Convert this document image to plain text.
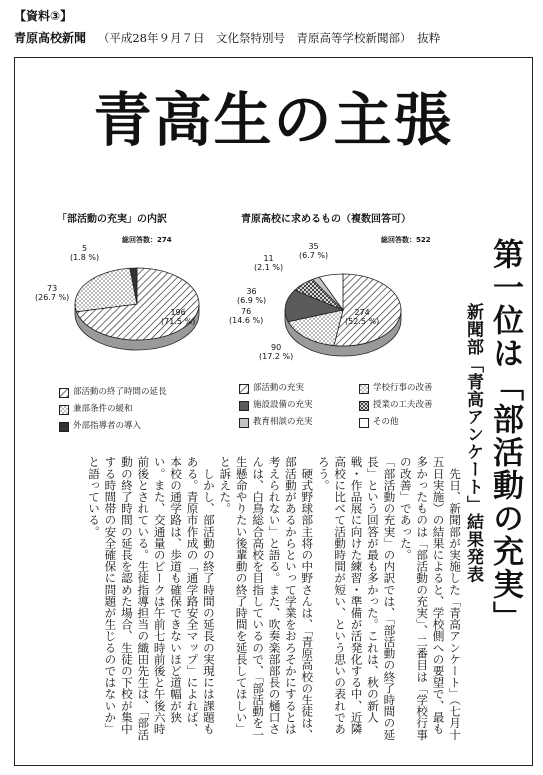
【資料③】
青原高校新聞 （平成28年９月７日　文化祭特別号　青原高等学校新聞部）　抜粋
青高生の主張
「部活動の充実」の内訳
総回答数：274
196
(71.5 %)
73
(26.7 %)
5
(1.8 %)
部活動の終了時間の延長
兼部条件の緩和
外部指導者の導入
青原高校に求めるもの（複数回答可）
総回答数：522
274
(52.5 %)
90
(17.2 %)
76
(14.6 %)
36
(6.9 %)
11
(2.1 %)
35
(6.7 %)
部活動の充実	学校行事の改善
施設設備の充実	授業の工夫改善
教育相談の充実	その他	第一位は「部活動の充実」
新聞部「青高アンケート」結果発表

　先日、新聞部が実施した「青高アンケート」（七月十五日実施）の結果によると、学校側への要望で、最も多かったものは「部活動の充実」、二番目は「学校行事の改善」であった。

「部活動の充実」の内訳では、「部活動の終了時間の延長」という回答が最も多かった。これは、秋の新人戦・作品展に向けた練習・準備が活発化する中、近隣高校に比べて活動時間が短い、という思いの表れであろう。

　硬式野球部主将の中野さんは、「青原高校の生徒は、部活動があるからといって学業をおろそかにするとは考えられない」と語る。また、吹奏楽部部長の樋口さんは、白鳥総合高校を目指しているので、「部活動を一生懸命やりたい後輩動の終了時間を延長してほしい」と訴えた。

　しかし、部活動の終了時間の延長の実現には課題もある。青原市作成の「通学路安全マップ」によれば、本校の通学路は、歩道も確保できないほど道幅が狭い。また、交通量のピークは午前七時前後と午後六時前後とされている。生徒指導担当の織田先生は、「部活動の終了時間の延長を認めた場合、生徒の下校が集中する時間帯の安全確保に問題が生じるのではないか」と語っている。
